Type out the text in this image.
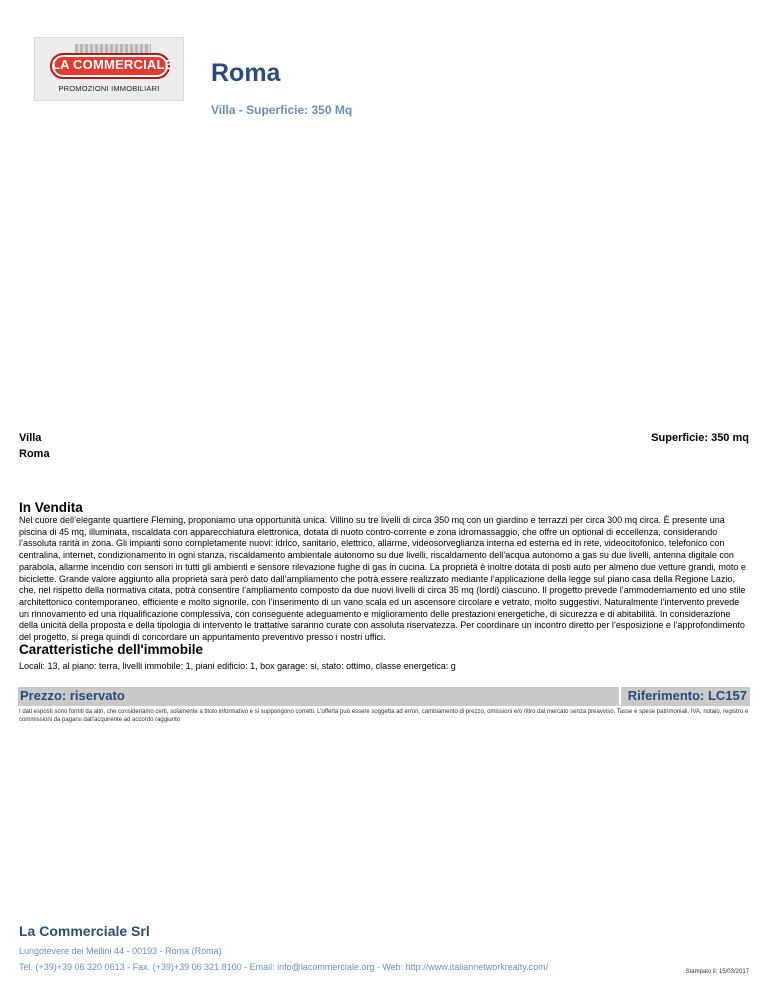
LA COMMERCIALE
PROMOZIONI IMMOBILIARI
Roma
Villa - Superficie: 350 Mq
Villa
Roma
Superficie: 350 mq
In Vendita

Nel cuore dell’elegante quartiere Fleming, proponiamo una opportunità unica. Villino su tre livelli di circa 350 mq con un giardino e terrazzi per circa 300 mq circa. È presente una piscina di 45 mq, illuminata, riscaldata con apparecchiatura elettronica, dotata di nuoto contro-corrente e zona idromassaggio, che offre un optional di eccellenza, considerando l’assoluta rarità in zona. Gli impianti sono completamente nuovi: idrico, sanitario, elettrico, allarme, videosorveglianza interna ed esterna ed in rete, videocitofonico, telefonico con centralina, internet, condizionamento in ogni stanza, riscaldamento ambientale autonomo su due livelli, riscaldamento dell’acqua autonomo a gas su due livelli, antenna digitale con parabola, allarme incendio con sensori in tutti gli ambienti e sensore rilevazione fughe di gas in cucina. La proprietà è inoltre dotata di posti auto per almeno due vetture grandi, moto e biciclette. Grande valore aggiunto alla proprietà sarà però dato dall’ampliamento che potrà essere realizzato mediante l’applicazione della legge sul piano casa della Regione Lazio, che, nel rispetto della normativa citata, potrà consentire l’ampliamento composto da due nuovi livelli di circa 35 mq (lordi) ciascuno. Il progetto prevede l’ammodernamento ed uno stile architettonico contemporaneo, efficiente e molto signorile, con l’inserimento di un vano scala ed un ascensore circolare e vetrato, molto suggestivi. Naturalmente l’intervento prevede un rinnovamento ed una riqualificazione complessiva, con conseguente adeguamento e miglioramento delle prestazioni energetiche, di sicurezza e di abitabilità. In considerazione della unicità della proposta e della tipologia di intervento le trattative saranno curate con assoluta riservatezza. Per coordinare un incontro diretto per l’esposizione e l’approfondimento del progetto, si prega quindi di concordare un appuntamento preventivo presso i nostri uffici.

Caratteristiche dell'immobile
Locali: 13, al piano: terra, livelli immobile: 1, piani edificio: 1, box garage: si, stato: ottimo, classe energetica: g
Prezzo: riservato	Riferimento: LC157

I dati esposti sono forniti da altri, che consideriamo certi, solamente a titolo informativo e si suppongono corretti. L’offerta può essere soggetta ad errori, cambiamento di prezzo, omissioni e/o ritiro dal mercato senza preavviso. Tasse e spese patrimoniali, IVA, notaio, registro e commissioni da pagarsi dall’acquirente ad accordo raggiunto

La Commerciale Srl
Lungotevere dei Mellini 44 - 00193 - Roma (Roma)
Tel. (+39)+39 06 320 0613 - Fax. (+39)+39 06 321 8100 - Email: info@lacommerciale.org - Web: http://www.italiannetworkrealty.com/	Stampato il: 15/03/2017
